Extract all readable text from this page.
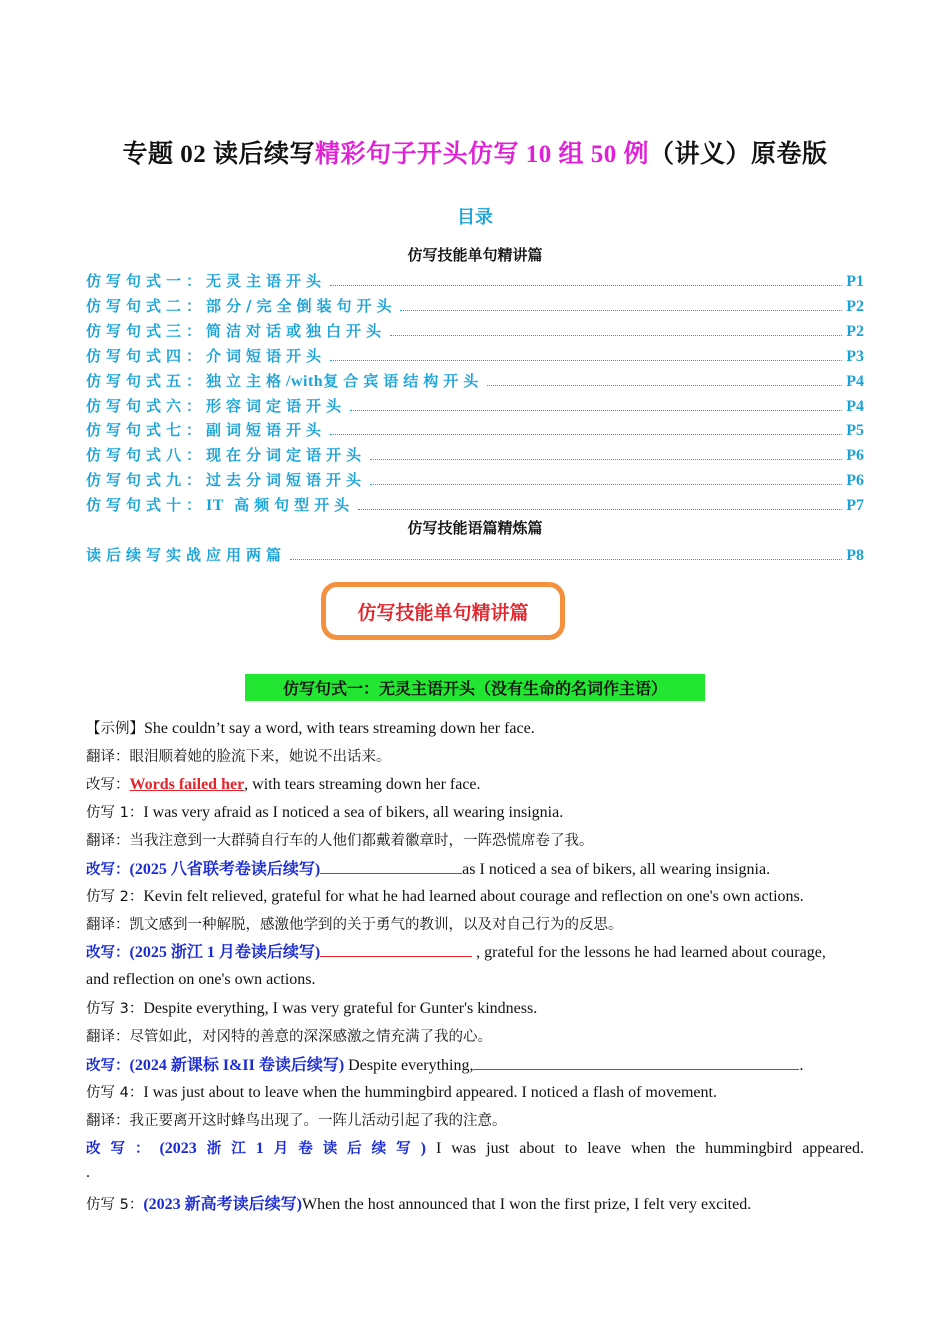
专题 02 读后续写精彩句子开头仿写 10 组 50 例（讲义）原卷版
目录
仿写技能单句精讲篇
仿写句式一：无灵主语开头	P1
仿写句式二：部分/完全倒装句开头	P2
仿写句式三：简洁对话或独白开头	P2
仿写句式四：介词短语开头	P3
仿写句式五：独立主格/with复合宾语结构开头	P4
仿写句式六：形容词定语开头	P4
仿写句式七：副词短语开头	P5
仿写句式八：现在分词定语开头	P6
仿写句式九：过去分词短语开头	P6
仿写句式十：IT 高频句型开头	P7
仿写技能语篇精炼篇
读后续写实战应用两篇	P8
仿写技能单句精讲篇
仿写句式一：无灵主语开头（没有生命的名词作主语）
【示例】She couldn’t say a word, with tears streaming down her face.
翻译：眼泪顺着她的脸流下来，她说不出话来。
改写：Words failed her, with tears streaming down her face.
仿写 1：I was very afraid as I noticed a sea of bikers, all wearing insignia.
翻译：当我注意到一大群骑自行车的人他们都戴着徽章时，一阵恐慌席卷了我。
改写：(2025 八省联考卷读后续写)	as I noticed a sea of bikers, all wearing insignia.
仿写 2：Kevin felt relieved, grateful for what he had learned about courage and reflection on one's own actions.
翻译：凯文感到一种解脱，感激他学到的关于勇气的教训，以及对自己行为的反思。
改写：(2025 浙江 1 月卷读后续写)	, grateful for the lessons he had learned about courage,
and reflection on one's own actions.
仿写 3：Despite everything, I was very grateful for Gunter's kindness.
翻译：尽管如此，对冈特的善意的深深感激之情充满了我的心。
改写：(2024 新课标 I&II 卷读后续写) Despite everything,	.
仿写 4：I was just about to leave when the hummingbird appeared. I noticed a flash of movement.
翻译：我正要离开这时蜂鸟出现了。一阵儿活动引起了我的注意。
改 写 ： (2023 浙 江 1 月 卷 读 后 续 写 ) I was just about to leave when the hummingbird appeared.
.
仿写 5：(2023 新高考读后续写)When the host announced that I won the first prize, I felt very excited.
